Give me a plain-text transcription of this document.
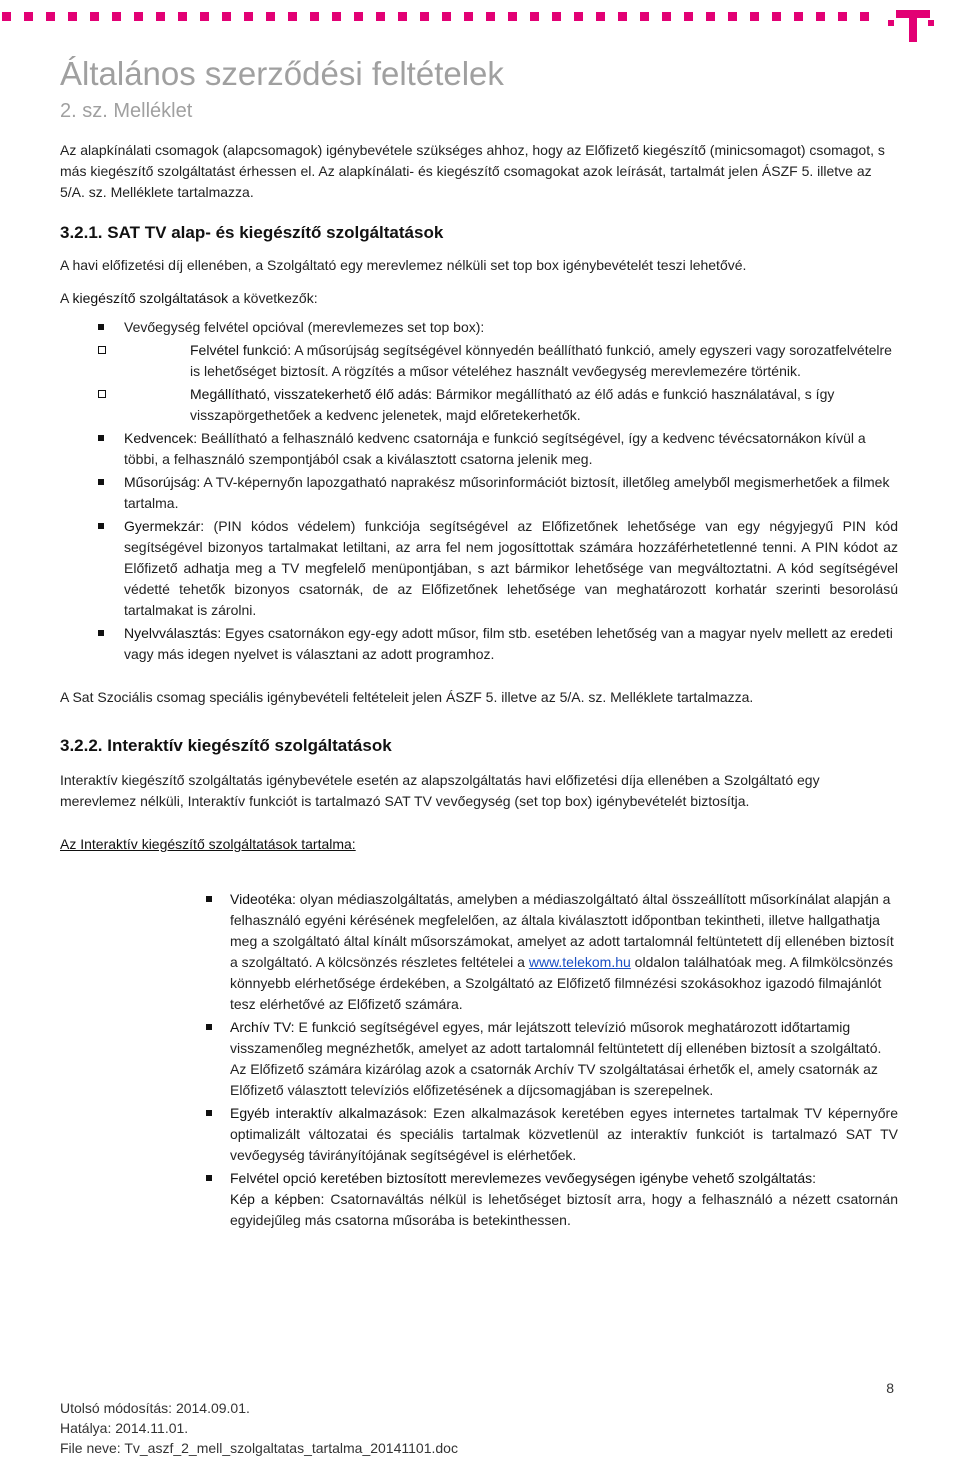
Általános szerződési feltételek
2. sz. Melléklet

Az alapkínálati csomagok (alapcsomagok) igénybevétele szükséges ahhoz, hogy az Előfizető kiegészítő (minicsomagot) csomagot, s más kiegészítő szolgáltatást érhessen el. Az alapkínálati- és kiegészítő csomagokat azok leírását, tartalmát jelen ÁSZF 5. illetve az 5/A. sz. Melléklete tartalmazza.

3.2.1. SAT TV alap- és kiegészítő szolgáltatások

A havi előfizetési díj ellenében, a Szolgáltató egy merevlemez nélküli set top box igénybevételét teszi lehetővé.

A kiegészítő szolgáltatások a következők:

Vevőegység felvétel opcióval (merevlemezes set top box):
Felvétel funkció: A műsorújság segítségével könnyedén beállítható funkció, amely egyszeri vagy sorozatfelvételre is lehetőséget biztosít. A rögzítés a műsor vételéhez használt vevőegység merevlemezére történik.
Megállítható, visszatekerhető élő adás: Bármikor megállítható az élő adás e funkció használatával, s így visszapörgethetőek a kedvenc jelenetek, majd előretekerhetők.
Kedvencek: Beállítható a felhasználó kedvenc csatornája e funkció segítségével, így a kedvenc tévécsatornákon kívül a többi, a felhasználó szempontjából csak a kiválasztott csatorna jelenik meg.
Műsorújság: A TV-képernyőn lapozgatható naprakész műsorinformációt biztosít, illetőleg amelyből megismerhetőek a filmek tartalma.
Gyermekzár: (PIN kódos védelem) funkciója segítségével az Előfizetőnek lehetősége van egy négyjegyű PIN kód segítségével bizonyos tartalmakat letiltani, az arra fel nem jogosíttottak számára hozzáférhetetlenné tenni. A PIN kódot az Előfizető adhatja meg a TV megfelelő menüpontjában, s azt bármikor lehetősége van megváltoztatni. A kód segítségével védetté tehetők bizonyos csatornák, de az Előfizetőnek lehetősége van meghatározott korhatár szerinti besorolású tartalmakat is zárolni.
Nyelvválasztás: Egyes csatornákon egy-egy adott műsor, film stb. esetében lehetőség van a magyar nyelv mellett az eredeti vagy más idegen nyelvet is választani az adott programhoz.

A Sat Szociális csomag speciális igénybevételi feltételeit jelen ÁSZF 5. illetve az 5/A. sz. Melléklete tartalmazza.

3.2.2. Interaktív kiegészítő szolgáltatások

Interaktív kiegészítő szolgáltatás igénybevétele esetén az alapszolgáltatás havi előfizetési díja ellenében a Szolgáltató egy merevlemez nélküli, Interaktív funkciót is tartalmazó SAT TV vevőegység (set top box) igénybevételét biztosítja.

Az Interaktív kiegészítő szolgáltatások tartalma:

Videotéka: olyan médiaszolgáltatás, amelyben a médiaszolgáltató által összeállított műsorkínálat alapján a felhasználó egyéni kérésének megfelelően, az általa kiválasztott időpontban tekintheti, illetve hallgathatja meg a szolgáltató által kínált műsorszámokat, amelyet az adott tartalomnál feltüntetett díj ellenében biztosít a szolgáltató. A kölcsönzés részletes feltételei a www.telekom.hu oldalon találhatóak meg. A filmkölcsönzés könnyebb elérhetősége érdekében, a Szolgáltató az Előfizető filmnézési szokásokhoz igazodó filmajánlót tesz elérhetővé az Előfizető számára.
Archív TV: E funkció segítségével egyes, már lejátszott televízió műsorok meghatározott időtartamig visszamenőleg megnézhetők, amelyet az adott tartalomnál feltüntetett díj ellenében biztosít a szolgáltató. Az Előfizető számára kizárólag azok a csatornák Archív TV szolgáltatásai érhetők el, amely csatornák az Előfizető választott televíziós előfizetésének a díjcsomagjában is szerepelnek.
Egyéb interaktív alkalmazások: Ezen alkalmazások keretében egyes internetes tartalmak TV képernyőre optimalizált változatai és speciális tartalmak közvetlenül az interaktív funkciót is tartalmazó SAT TV vevőegység távirányítójának segítségével is elérhetőek.
Felvétel opció keretében biztosított merevlemezes vevőegységen igénybe vehető szolgáltatás:
Kép a képben: Csatornaváltás nélkül is lehetőséget biztosít arra, hogy a felhasználó a nézett csatornán egyidejűleg más csatorna műsorába is betekinthessen.
8
Utolsó módosítás: 2014.09.01.
Hatálya: 2014.11.01.
File neve: Tv_aszf_2_mell_szolgaltatas_tartalma_20141101.doc
